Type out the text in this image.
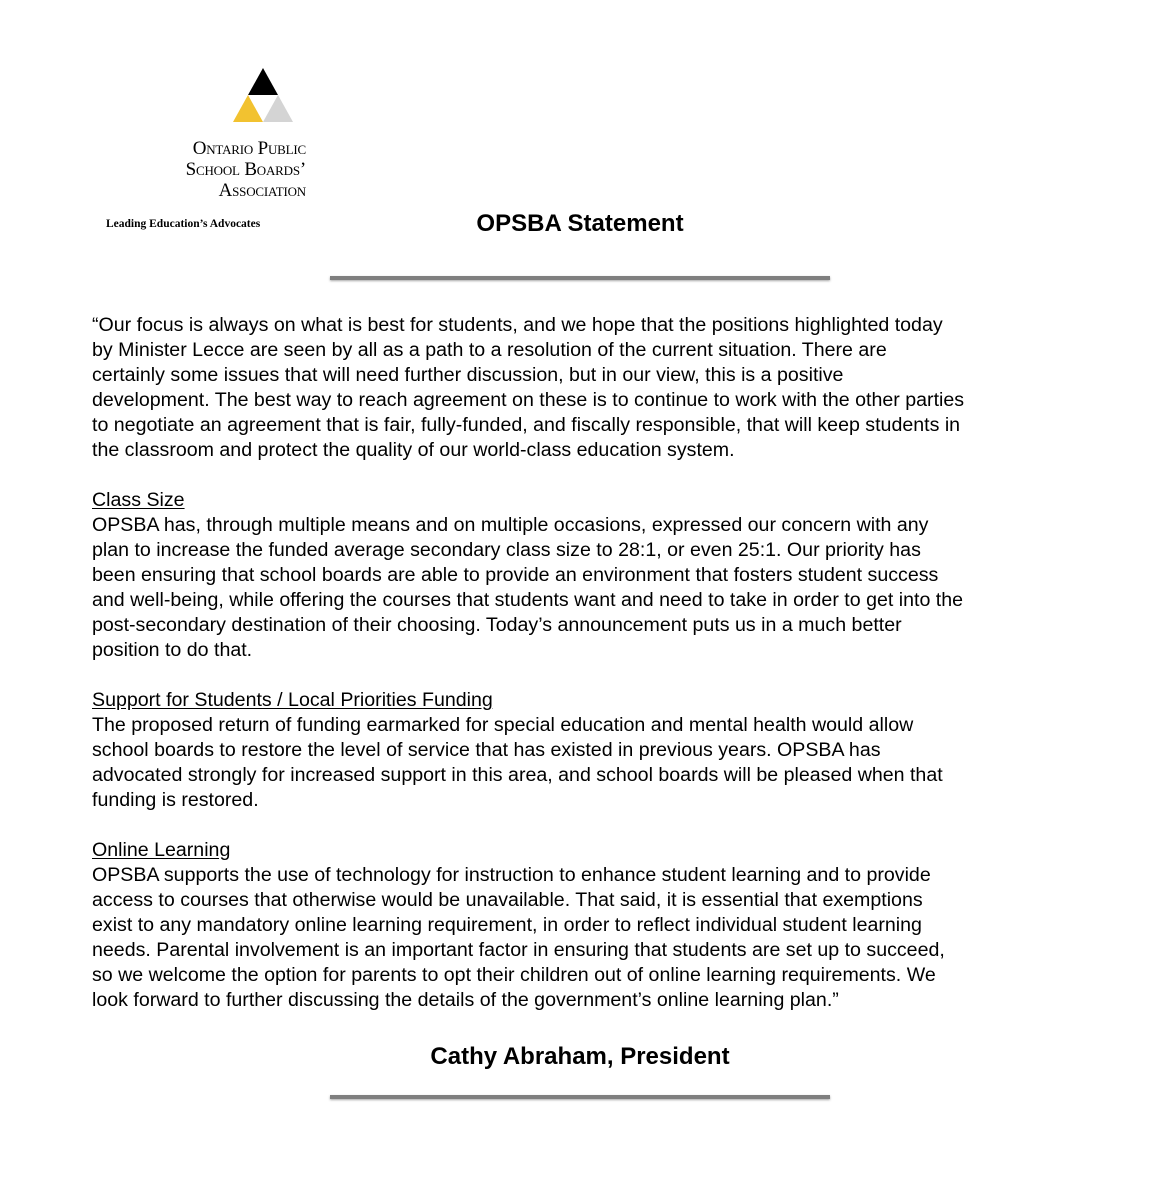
Ontario Public
School Boards’
Association
Leading Education’s Advocates	OPSBA Statement

“Our focus is always on what is best for students, and we hope that the positions highlighted today
by Minister Lecce are seen by all as a path to a resolution of the current situation. There are
certainly some issues that will need further discussion, but in our view, this is a positive
development. The best way to reach agreement on these is to continue to work with the other parties
to negotiate an agreement that is fair, fully-funded, and fiscally responsible, that will keep students in
the classroom and protect the quality of our world-class education system.

Class Size
OPSBA has, through multiple means and on multiple occasions, expressed our concern with any
plan to increase the funded average secondary class size to 28:1, or even 25:1. Our priority has
been ensuring that school boards are able to provide an environment that fosters student success
and well-being, while offering the courses that students want and need to take in order to get into the
post-secondary destination of their choosing. Today’s announcement puts us in a much better
position to do that.

Support for Students / Local Priorities Funding
The proposed return of funding earmarked for special education and mental health would allow
school boards to restore the level of service that has existed in previous years. OPSBA has
advocated strongly for increased support in this area, and school boards will be pleased when that
funding is restored.

Online Learning
OPSBA supports the use of technology for instruction to enhance student learning and to provide
access to courses that otherwise would be unavailable. That said, it is essential that exemptions
exist to any mandatory online learning requirement, in order to reflect individual student learning
needs. Parental involvement is an important factor in ensuring that students are set up to succeed,
so we welcome the option for parents to opt their children out of online learning requirements. We
look forward to further discussing the details of the government’s online learning plan.”

Cathy Abraham, President
